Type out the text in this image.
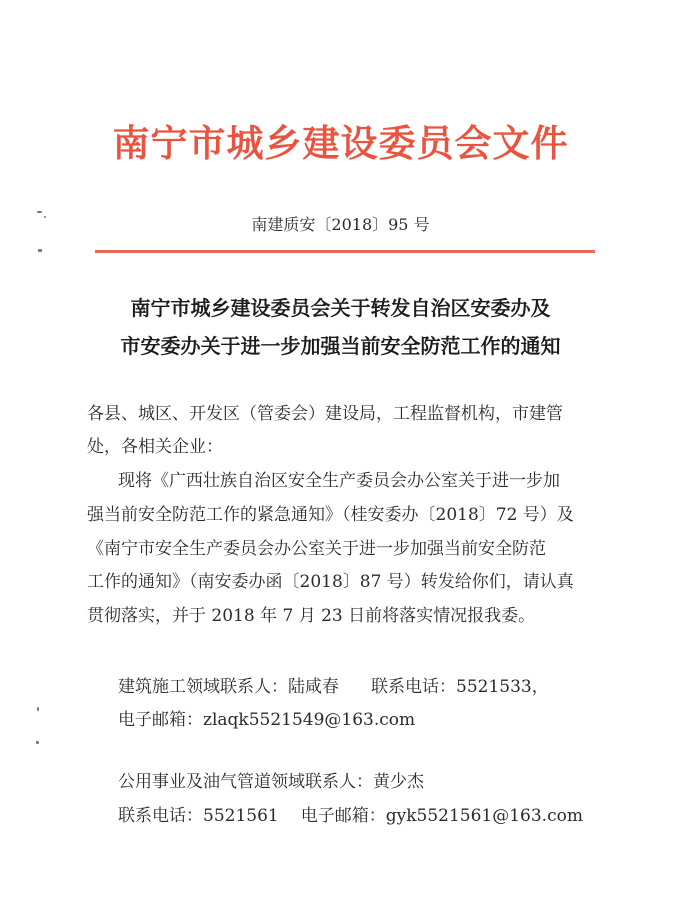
南宁市城乡建设委员会文件
南建质安〔2018〕95 号
南宁市城乡建设委员会关于转发自治区安委办及
市安委办关于进一步加强当前安全防范工作的通知

各县、城区、开发区（管委会）建设局，工程监督机构，市建管

处，各相关企业：

现将《广西壮族自治区安全生产委员会办公室关于进一步加

强当前安全防范工作的紧急通知》（桂安委办〔2018〕72 号）及

《南宁市安全生产委员会办公室关于进一步加强当前安全防范

工作的通知》（南安委办函〔2018〕87 号）转发给你们，请认真

贯彻落实，并于 2018 年 7 月 23 日前将落实情况报我委。

建筑施工领域联系人：陆咸春 联系电话：5521533，

电子邮箱：zlaqk5521549@163.com

公用事业及油气管道领域联系人：黄少杰

联系电话：5521561 电子邮箱：gyk5521561@163.com
